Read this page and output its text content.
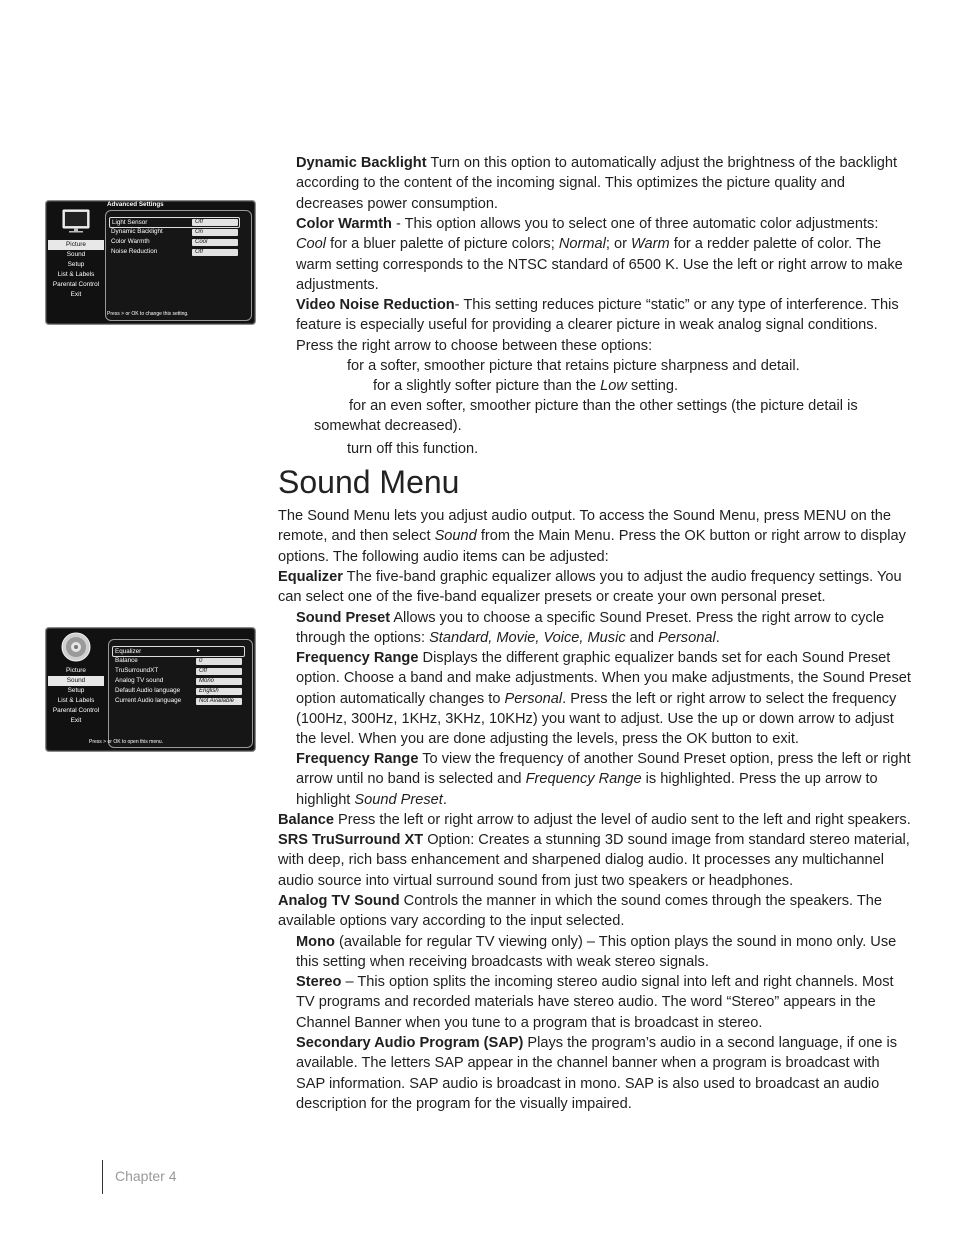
Picture
Sound
Setup
List & Labels
Parental Control
Exit
Advanced Settings
Light Sensor	Off
Dynamic Backlight	On
Color Warmth	Cool
Noise Reduction	Off
Press > or OK to change this setting.
Picture
Sound
Setup
List & Labels
Parental Control
Exit
Equalizer	▸
Balance	0
TruSurroundXT	Off
Analog TV sound	Mono
Default Audio language	English
Current Audio language	Not Available
Press > or OK to open this menu.

Dynamic Backlight Turn on this option to automatically adjust the brightness of the backlight according to the content of the incoming signal. This optimizes the picture quality and decreases power consumption.

Color Warmth - This option allows you to select one of three automatic color adjustments: Cool for a bluer palette of picture colors; Normal; or Warm for a redder palette of color. The warm setting corresponds to the NTSC standard of 6500 K. Use the left or right arrow to make adjustments.

Video Noise Reduction- This setting reduces picture “static” or any type of interference. This feature is especially useful for providing a clearer picture in weak analog signal conditions. Press the right arrow to choose between these options:

for a softer, smoother picture that retains picture sharpness and detail.
for a slightly softer picture than the Low setting.
for an even softer, smoother picture than the other settings (the picture detail is
somewhat decreased).
turn off this function.
Sound Menu

The Sound Menu lets you adjust audio output. To access the Sound Menu, press MENU on the remote, and then select Sound from the Main Menu. Press the OK button or right arrow to display options. The following audio items can be adjusted:

Equalizer The five-band graphic equalizer allows you to adjust the audio frequency settings. You can select one of the five-band equalizer presets or create your own personal preset.

Sound Preset Allows you to choose a specific Sound Preset. Press the right arrow to cycle through the options: Standard, Movie, Voice, Music and Personal.

Frequency Range Displays the different graphic equalizer bands set for each Sound Preset option. Choose a band and make adjustments. When you make adjustments, the Sound Preset option automatically changes to Personal. Press the left or right arrow to select the frequency (100Hz, 300Hz, 1KHz, 3KHz, 10KHz) you want to adjust. Use the up or down arrow to adjust the level. When you are done adjusting the levels, press the OK button to exit.

Frequency Range To view the frequency of another Sound Preset option, press the left or right arrow until no band is selected and Frequency Range is highlighted. Press the up arrow to highlight Sound Preset.

Balance Press the left or right arrow to adjust the level of audio sent to the left and right speakers.

SRS TruSurround XT Option: Creates a stunning 3D sound image from standard stereo material, with deep, rich bass enhancement and sharpened dialog audio. It processes any multichannel audio source into virtual surround sound from just two speakers or headphones.

Analog TV Sound Controls the manner in which the sound comes through the speakers. The available options vary according to the input selected.

Mono (available for regular TV viewing only) – This option plays the sound in mono only. Use this setting when receiving broadcasts with weak stereo signals.

Stereo – This option splits the incoming stereo audio signal into left and right channels. Most TV programs and recorded materials have stereo audio. The word “Stereo” appears in the Channel Banner when you tune to a program that is broadcast in stereo.

Secondary Audio Program (SAP) Plays the program’s audio in a second language, if one is available. The letters SAP appear in the channel banner when a program is broadcast with SAP information. SAP audio is broadcast in mono. SAP is also used to broadcast an audio description for the program for the visually impaired.

Chapter 4
